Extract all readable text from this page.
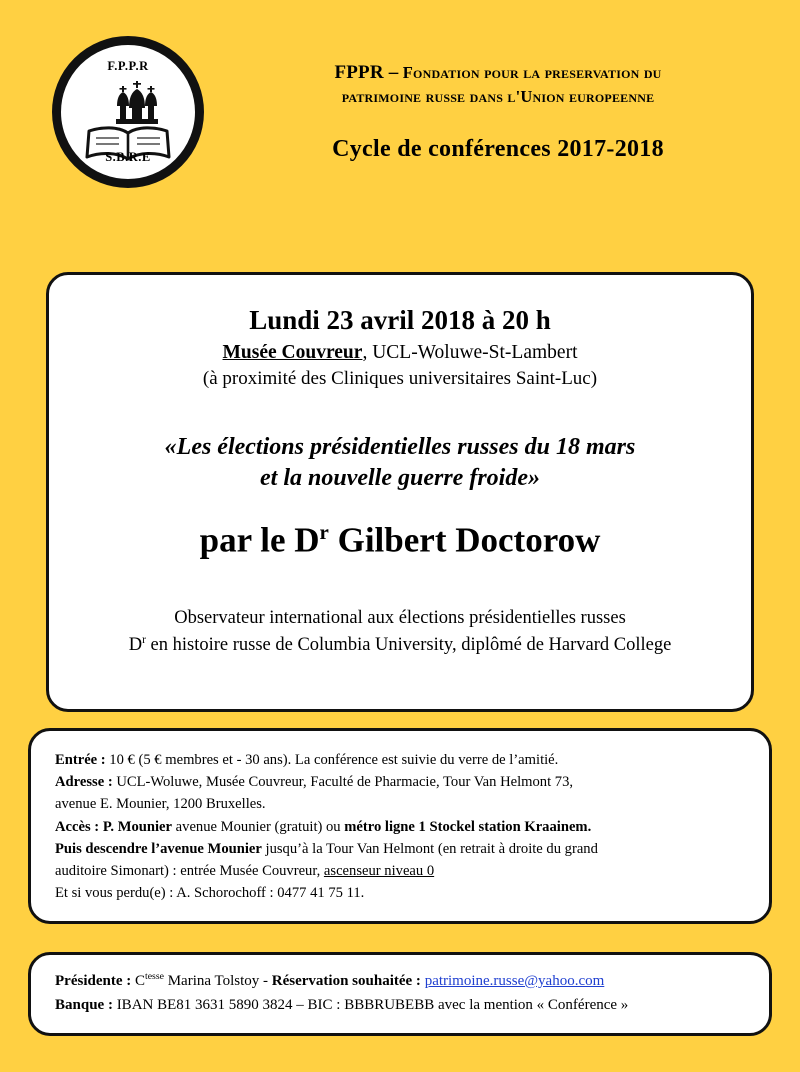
F.P.P.R
S.B.R.E
FPPR – Fondation pour la preservation du
patrimoine russe dans l'Union europeenne
Cycle de conférences 2017-2018
Lundi 23 avril 2018 à 20 h
Musée Couvreur, UCL-Woluwe-St-Lambert
(à proximité des Cliniques universitaires Saint-Luc)
«Les élections présidentielles russes du 18 mars
et la nouvelle guerre froide»
par le $D^r$ Gilbert Doctorow
Observateur international aux élections présidentielles russes
$D^r$ en histoire russe de Columbia University, diplômé de Harvard College
Entrée : 10 € (5 € membres et - 30 ans). La conférence est suivie du verre de l’amitié.
Adresse : UCL-Woluwe, Musée Couvreur, Faculté de Pharmacie, Tour Van Helmont 73,
avenue E. Mounier, 1200 Bruxelles.
Accès : P. Mounier avenue Mounier (gratuit) ou métro ligne 1 Stockel station Kraainem.
Puis descendre l’avenue Mounier jusqu’à la Tour Van Helmont (en retrait à droite du grand
auditoire Simonart) : entrée Musée Couvreur, ascenseur niveau 0
Et si vous perdu(e) : A. Schorochoff : 0477 41 75 11.
Présidente : $C^{tesse}$ Marina Tolstoy - Réservation souhaitée : patrimoine.russe@yahoo.com
Banque : IBAN BE81 3631 5890 3824 – BIC : BBBRUBEBB avec la mention « Conférence »
